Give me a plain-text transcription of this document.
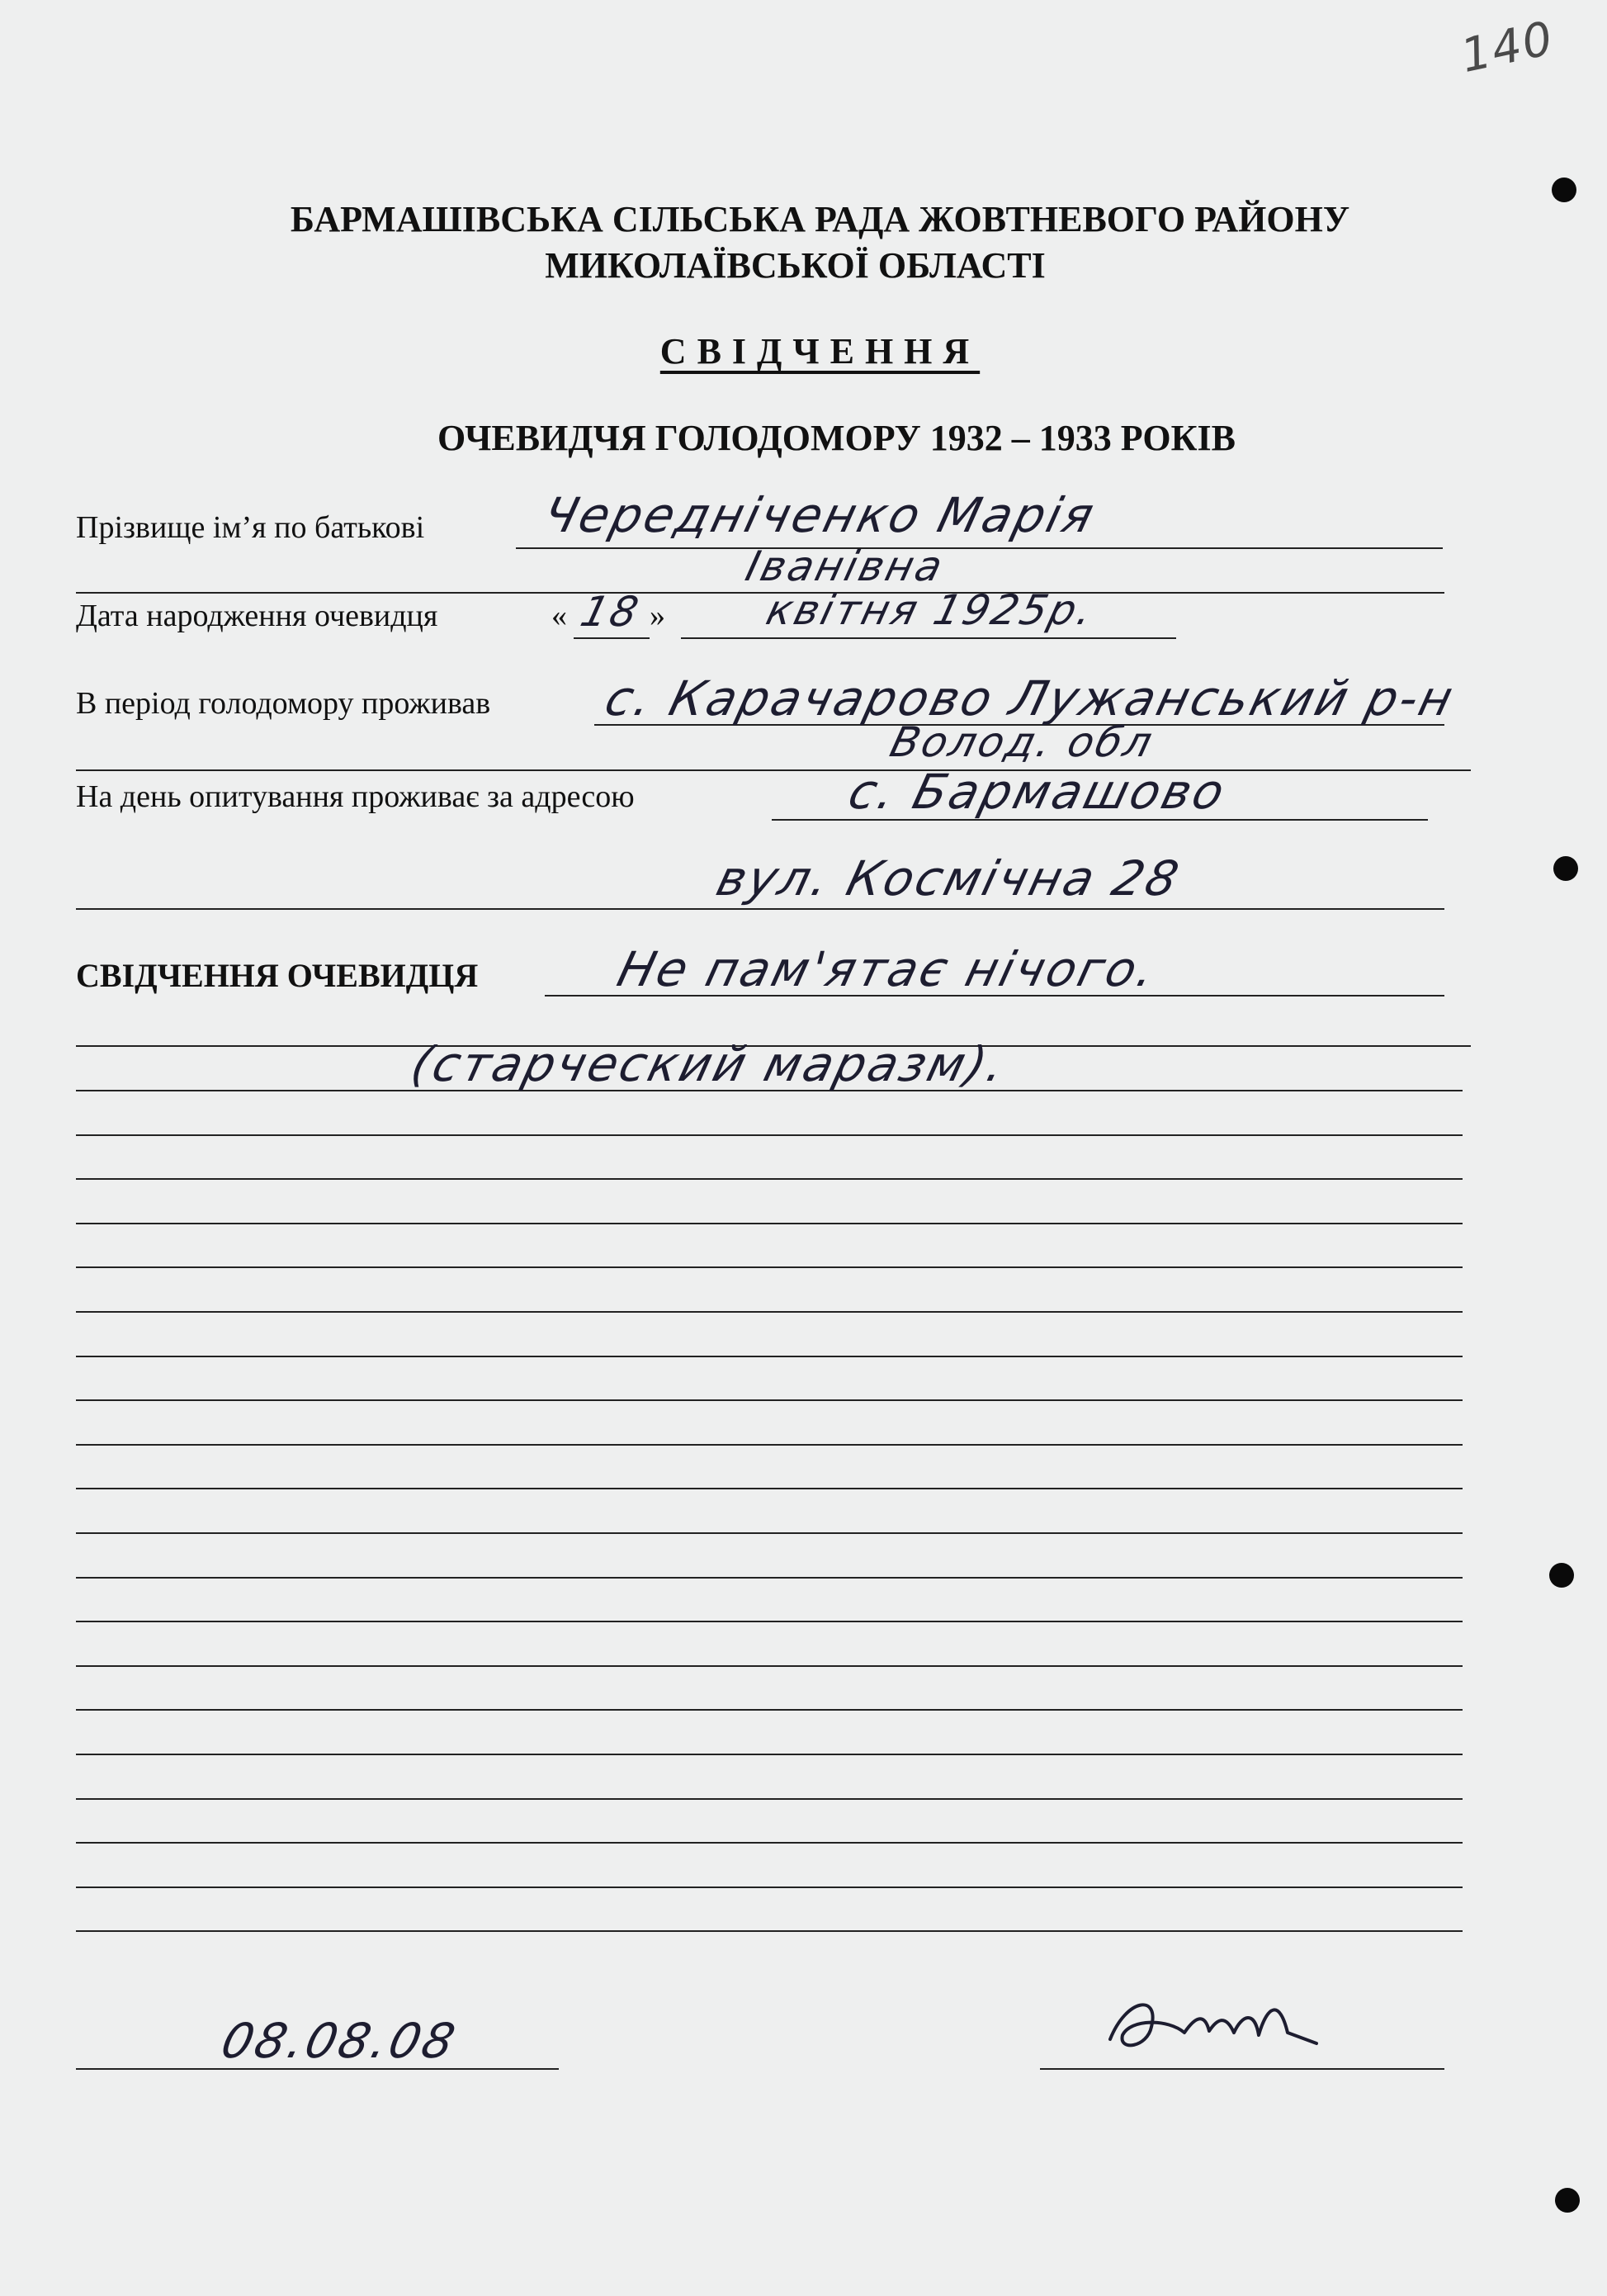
140
БАРМАШІВСЬКА СІЛЬСЬКА РАДА ЖОВТНЕВОГО РАЙОНУ
МИКОЛАЇВСЬКОЇ ОБЛАСТІ
СВІДЧЕННЯ
ОЧЕВИДЧЯ ГОЛОДОМОРУ 1932 – 1933 РОКІВ
Прізвище ім’я по батькові Чередніченко Марія
Іванівна
Дата народження очевидця	« 18 » квітня 1925р.
В період голодомору проживав с. Карачарово Лужанський р-н
Волод. обл
На день опитування проживає за адресою	с. Бармашово
вул. Космічна 28
СВІДЧЕННЯ ОЧЕВИДЦЯ	Не пам'ятає нічого.
(старческий маразм).
08.08.08
